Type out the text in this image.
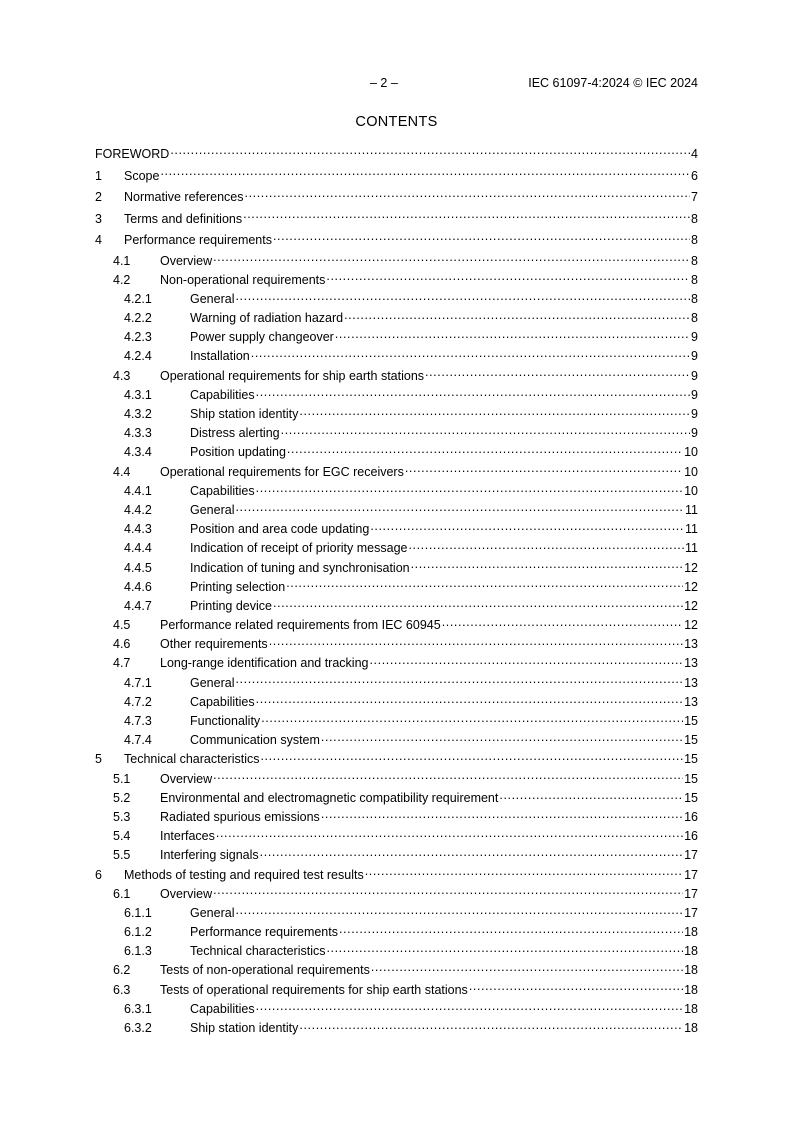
– 2 –	IEC 61097-4:2024 © IEC 2024
CONTENTS
FOREWORD .....	4
1	Scope .....	6
2	Normative references .....	7
3	Terms and definitions .....	8
4	Performance requirements .....	8
4.1	Overview .....	8
4.2	Non-operational requirements .....	8
4.2.1	General .....	8
4.2.2	Warning of radiation hazard .....	8
4.2.3	Power supply changeover .....	9
4.2.4	Installation .....	9
4.3	Operational requirements for ship earth stations .....	9
4.3.1	Capabilities .....	9
4.3.2	Ship station identity .....	9
4.3.3	Distress alerting .....	9
4.3.4	Position updating .....	10
4.4	Operational requirements for EGC receivers .....	10
4.4.1	Capabilities .....	10
4.4.2	General .....	11
4.4.3	Position and area code updating .....	11
4.4.4	Indication of receipt of priority message .....	11
4.4.5	Indication of tuning and synchronisation .....	12
4.4.6	Printing selection .....	12
4.4.7	Printing device .....	12
4.5	Performance related requirements from IEC 60945 .....	12
4.6	Other requirements .....	13
4.7	Long-range identification and tracking .....	13
4.7.1	General .....	13
4.7.2	Capabilities .....	13
4.7.3	Functionality .....	15
4.7.4	Communication system .....	15
5	Technical characteristics .....	15
5.1	Overview .....	15
5.2	Environmental and electromagnetic compatibility requirement .....	15
5.3	Radiated spurious emissions .....	16
5.4	Interfaces .....	16
5.5	Interfering signals .....	17
6	Methods of testing and required test results .....	17
6.1	Overview .....	17
6.1.1	General .....	17
6.1.2	Performance requirements .....	18
6.1.3	Technical characteristics .....	18
6.2	Tests of non-operational requirements .....	18
6.3	Tests of operational requirements for ship earth stations .....	18
6.3.1	Capabilities .....	18
6.3.2	Ship station identity .....	18
